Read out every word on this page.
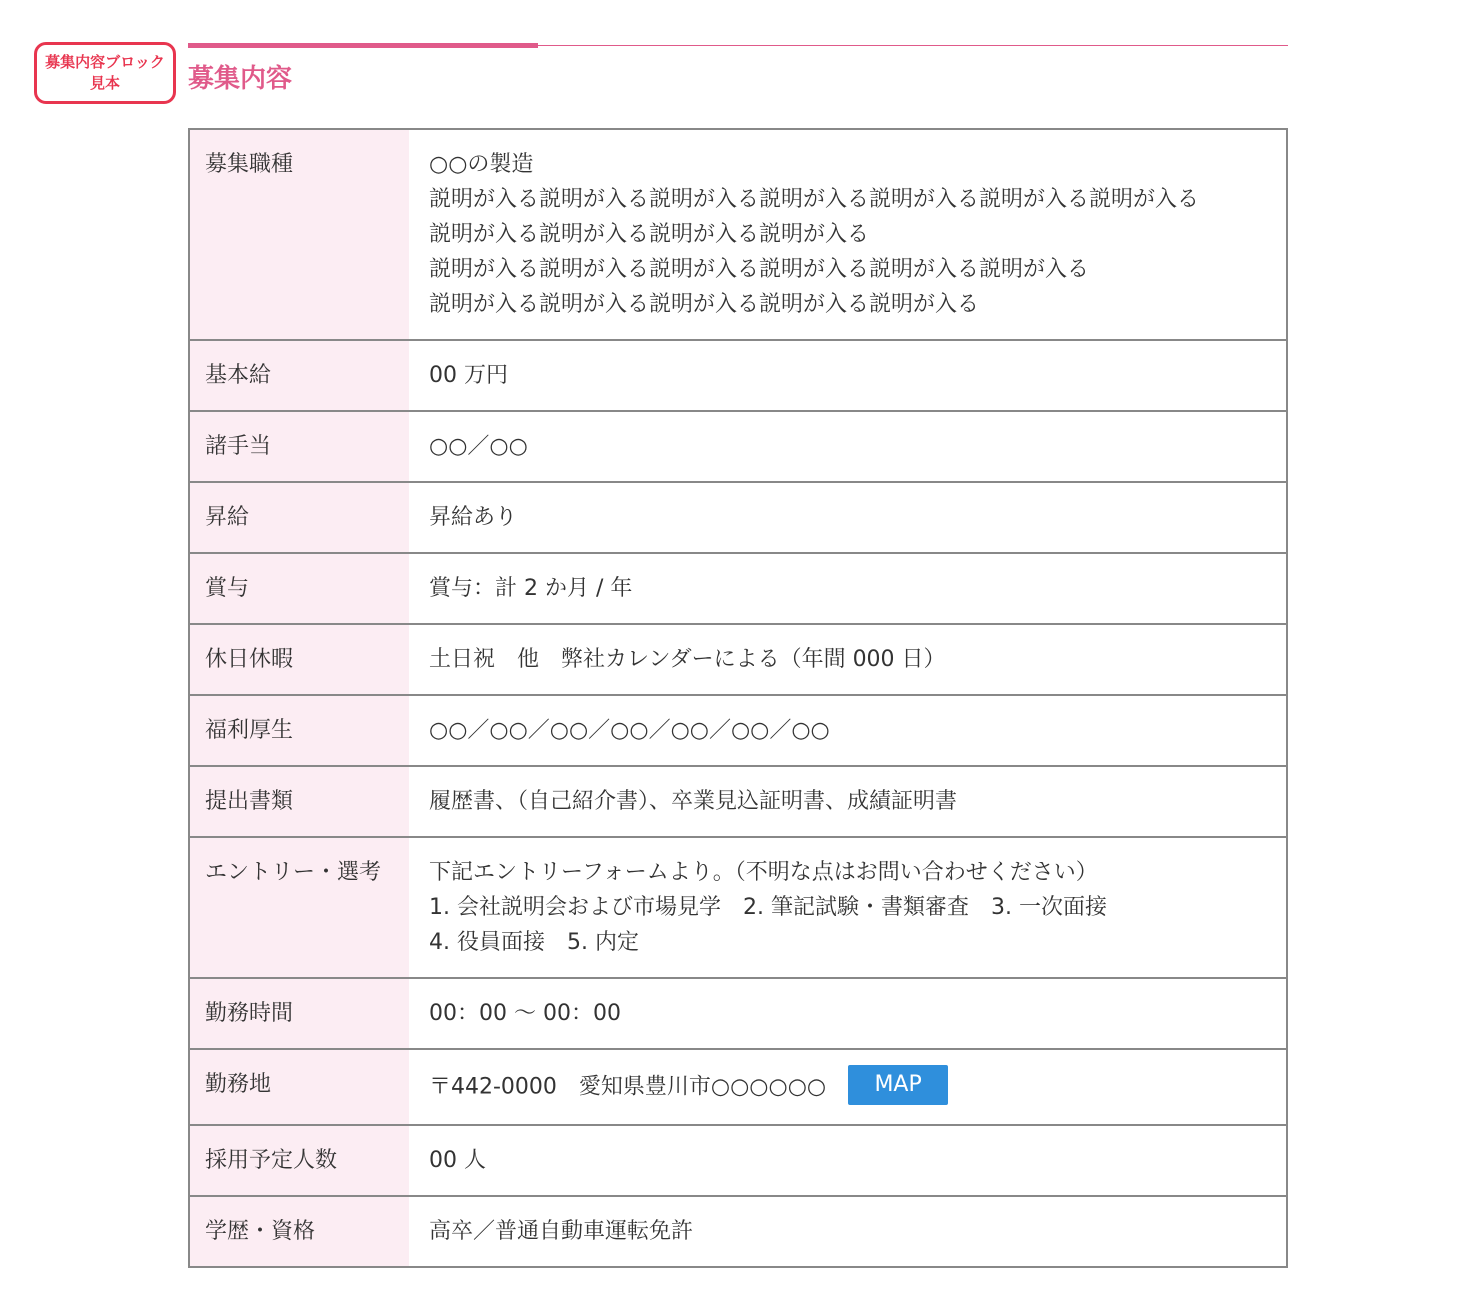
募集内容ブロック
見本	募集内容
募集職種	○○の製造
説明が入る説明が入る説明が入る説明が入る説明が入る説明が入る説明が入る
説明が入る説明が入る説明が入る説明が入る
説明が入る説明が入る説明が入る説明が入る説明が入る説明が入る
説明が入る説明が入る説明が入る説明が入る説明が入る

基本給	00 万円

諸手当	○○／○○

昇給	昇給あり

賞与	賞与：計 2 か月 / 年

休日休暇	土日祝　他　弊社カレンダーによる（年間 000 日）

福利厚生	○○／○○／○○／○○／○○／○○／○○

提出書類	履歴書、（自己紹介書）、卒業見込証明書、成績証明書

エントリー・選考	下記エントリーフォームより。（不明な点はお問い合わせください）
1. 会社説明会および市場見学　2. 筆記試験・書類審査　3. 一次面接
4. 役員面接　5. 内定

勤務時間	00：00 〜 00：00

勤務地	〒442-0000　愛知県豊川市○○○○○○ MAP
採用予定人数	00 人

学歴・資格	高卒／普通自動車運転免許
